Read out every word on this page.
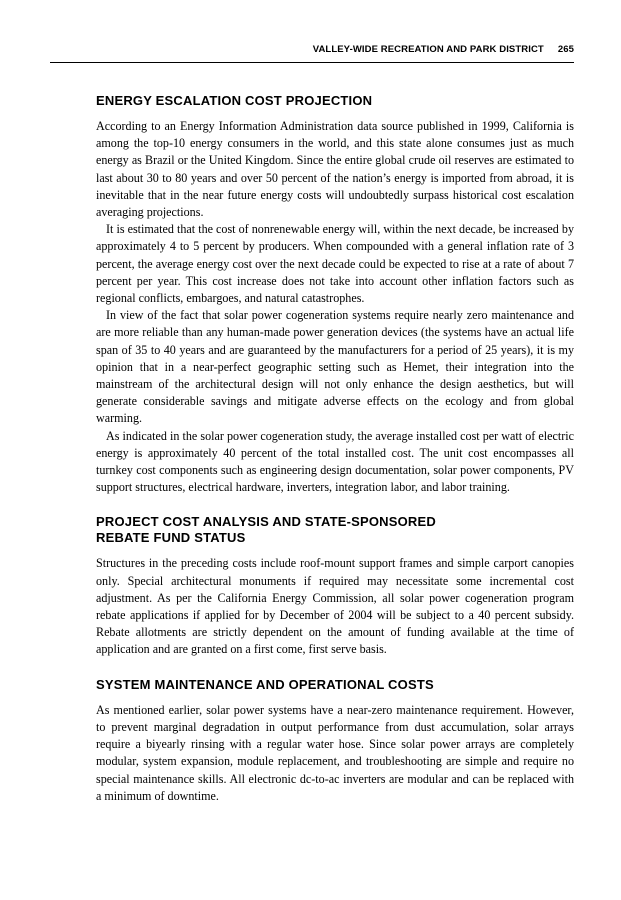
VALLEY-WIDE RECREATION AND PARK DISTRICT 265
ENERGY ESCALATION COST PROJECTION

According to an Energy Information Administration data source published in 1999, California is among the top-10 energy consumers in the world, and this state alone consumes just as much energy as Brazil or the United Kingdom. Since the entire global crude oil reserves are estimated to last about 30 to 80 years and over 50 percent of the nation’s energy is imported from abroad, it is inevitable that in the near future energy costs will undoubtedly surpass historical cost escalation averaging projections.

It is estimated that the cost of nonrenewable energy will, within the next decade, be increased by approximately 4 to 5 percent by producers. When compounded with a general inflation rate of 3 percent, the average energy cost over the next decade could be expected to rise at a rate of about 7 percent per year. This cost increase does not take into account other inflation factors such as regional conflicts, embargoes, and natural catastrophes.

In view of the fact that solar power cogeneration systems require nearly zero maintenance and are more reliable than any human-made power generation devices (the systems have an actual life span of 35 to 40 years and are guaranteed by the manufacturers for a period of 25 years), it is my opinion that in a near-perfect geographic setting such as Hemet, their integration into the mainstream of the architectural design will not only enhance the design aesthetics, but will generate considerable savings and mitigate adverse effects on the ecology and from global warming.

As indicated in the solar power cogeneration study, the average installed cost per watt of electric energy is approximately 40 percent of the total installed cost. The unit cost encompasses all turnkey cost components such as engineering design documentation, solar power components, PV support structures, electrical hardware, inverters, integration labor, and labor training.

PROJECT COST ANALYSIS AND STATE-SPONSORED
REBATE FUND STATUS

Structures in the preceding costs include roof-mount support frames and simple carport canopies only. Special architectural monuments if required may necessitate some incremental cost adjustment. As per the California Energy Commission, all solar power cogeneration program rebate applications if applied for by December of 2004 will be subject to a 40 percent subsidy. Rebate allotments are strictly dependent on the amount of funding available at the time of application and are granted on a first come, first serve basis.

SYSTEM MAINTENANCE AND OPERATIONAL COSTS

As mentioned earlier, solar power systems have a near-zero maintenance requirement. However, to prevent marginal degradation in output performance from dust accumulation, solar arrays require a biyearly rinsing with a regular water hose. Since solar power arrays are completely modular, system expansion, module replacement, and troubleshooting are simple and require no special maintenance skills. All electronic dc-to-ac inverters are modular and can be replaced with a minimum of downtime.
